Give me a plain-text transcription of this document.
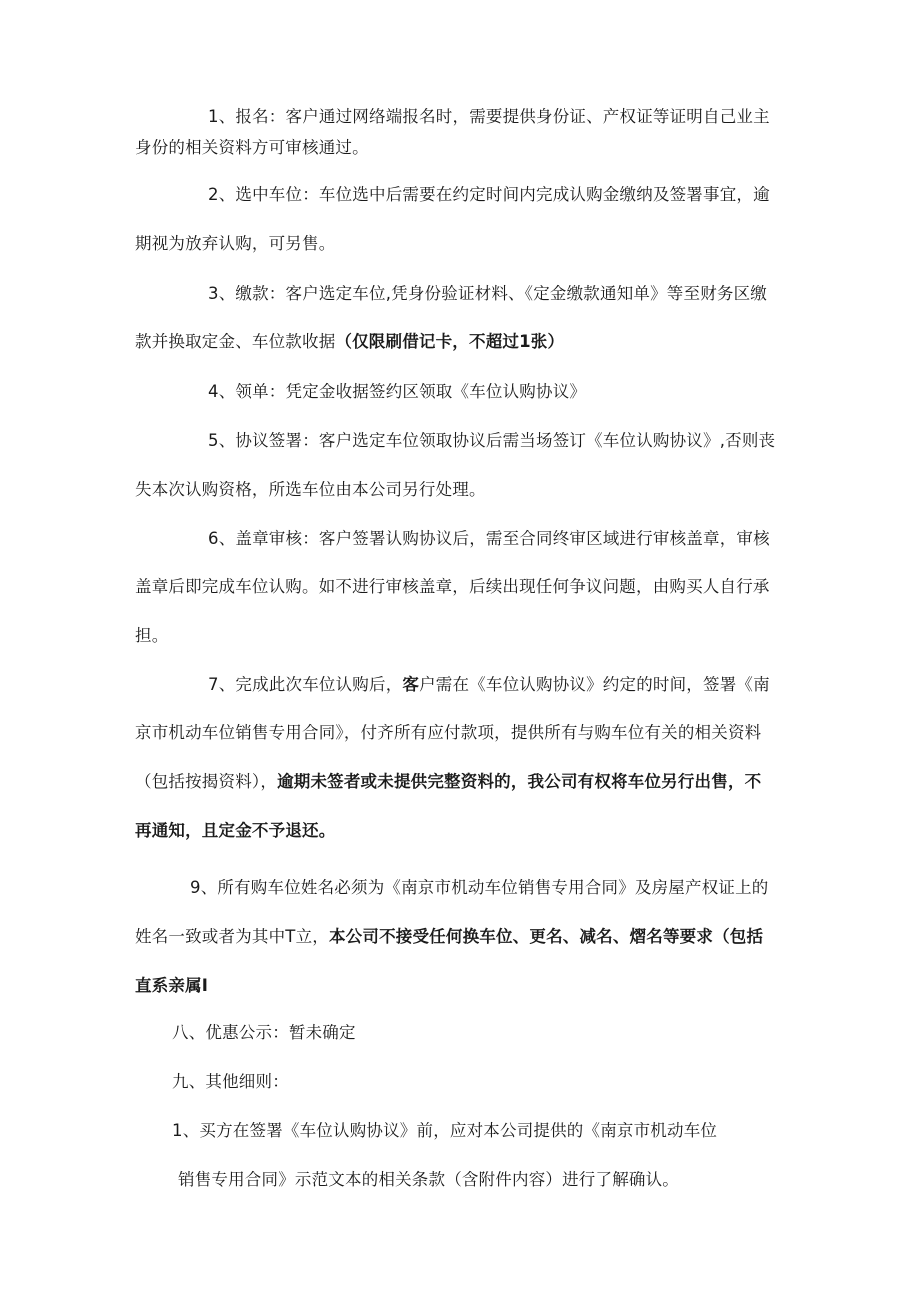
1、报名：客户通过网络端报名时，需要提供身份证、产权证等证明自己业主
身份的相关资料方可审核通过。
2、选中车位：车位选中后需要在约定时间内完成认购金缴纳及签署事宜，逾
期视为放弃认购，可另售。
3、缴款：客户选定车位,凭身份验证材料、《定金缴款通知单》等至财务区缴
款并换取定金、车位款收据（仅限刷借记卡，不超过1张）
4、领单：凭定金收据签约区领取《车位认购协议》
5、协议签署：客户选定车位领取协议后需当场签订《车位认购协议》,否则丧
失本次认购资格，所选车位由本公司另行处理。
6、盖章审核：客户签署认购协议后，需至合同终审区域进行审核盖章，审核
盖章后即完成车位认购。如不进行审核盖章，后续出现任何争议问题，由购买人自行承
担。
7、完成此次车位认购后，客户需在《车位认购协议》约定的时间，签署《南
京市机动车位销售专用合同》，付齐所有应付款项，提供所有与购车位有关的相关资料
（包括按揭资料），逾期未签者或未提供完整资料的，我公司有权将车位另行出售，不
再通知，且定金不予退还。
9、所有购车位姓名必须为《南京市机动车位销售专用合同》及房屋产权证上的
姓名一致或者为其中T立，本公司不接受任何换车位、更名、减名、熠名等要求（包括
直系亲属I
八、优惠公示：暂未确定
九、其他细则：
1、买方在签署《车位认购协议》前，应对本公司提供的《南京市机动车位
销售专用合同》示范文本的相关条款（含附件内容）进行了解确认。
